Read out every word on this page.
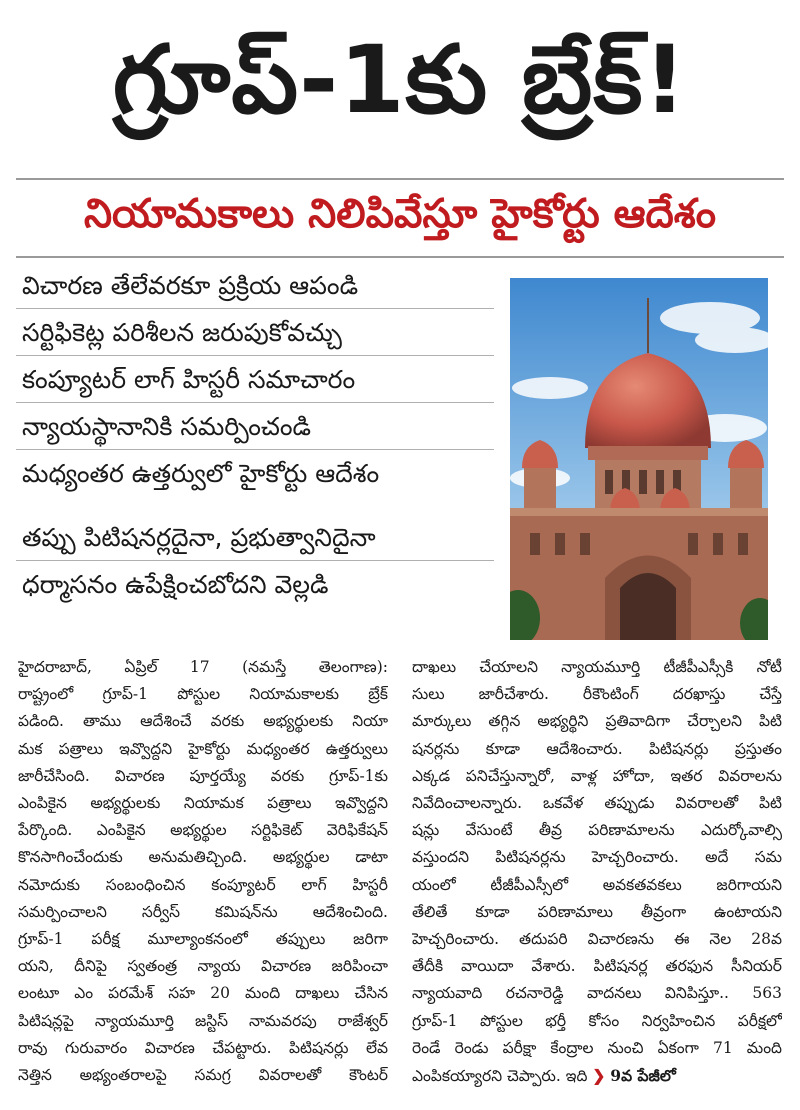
గ్రూప్‌-1కు బ్రేక్‌!
నియామకాలు నిలిపివేస్తూ హైకోర్టు ఆదేశం
విచారణ తేలేవరకూ ప్రక్రియ ఆపండి
సర్టిఫికెట్ల పరిశీలన జరుపుకోవచ్చు
కంప్యూటర్‌ లాగ్‌ హిస్టరీ సమాచారం
న్యాయస్థానానికి సమర్పించండి
మధ్యంతర ఉత్తర్వులో హైకోర్టు ఆదేశం
తప్పు పిటిషనర్లదైనా, ప్రభుత్వానిదైనా
ధర్మాసనం ఉపేక్షించబోదని వెల్లడి
హైదరాబాద్‌, ఏప్రిల్‌ 17 (నమస్తే తెలంగాణ):
రాష్ట్రంలో గ్రూప్‌-1 పోస్టుల నియామకాలకు బ్రేక్‌
పడింది. తాము ఆదేశించే వరకు అభ్యర్థులకు నియా
మక పత్రాలు ఇవ్వొద్దని హైకోర్టు మధ్యంతర ఉత్తర్వులు
జారీచేసింది. విచారణ పూర్తయ్యే వరకు గ్రూప్‌-1కు
ఎంపికైన అభ్యర్థులకు నియామక పత్రాలు ఇవ్వొద్దని
పేర్కొంది. ఎంపికైన అభ్యర్థుల సర్టిఫికెట్‌ వెరిఫికేషన్‌
కొనసాగించేందుకు అనుమతిచ్చింది. అభ్యర్థుల డాటా
నమోదుకు సంబంధించిన కంప్యూటర్‌ లాగ్‌ హిస్టరీ
సమర్పించాలని సర్వీస్‌ కమిషన్‌ను ఆదేశించింది.
గ్రూప్‌-1 పరీక్ష మూల్యాంకనంలో తప్పులు జరిగా
యని, దీనిపై స్వతంత్ర న్యాయ విచారణ జరిపించా
లంటూ ఎం పరమేశ్‌ సహ 20 మంది దాఖలు చేసిన
పిటిషన్లపై న్యాయమూర్తి జస్టిస్‌ నామవరపు రాజేశ్వర్‌
రావు గురువారం విచారణ చేపట్టారు. పిటిషనర్లు లేవ
నెత్తిన అభ్యంతరాలపై సమగ్ర వివరాలతో కౌంటర్‌
దాఖలు చేయాలని న్యాయమూర్తి టీజీపీఎస్సీకి నోటీ
సులు జారీచేశారు. రీకౌంటింగ్‌ దరఖాస్తు చేస్తే
మార్కులు తగ్గిన అభ్యర్థిని ప్రతివాదిగా చేర్చాలని పిటి
షనర్లను కూడా ఆదేశించారు. పిటిషనర్లు ప్రస్తుతం
ఎక్కడ పనిచేస్తున్నారో, వాళ్ల హోదా, ఇతర వివరాలను
నివేదించాలన్నారు. ఒకవేళ తప్పుడు వివరాలతో పిటి
షన్లు వేసుంటే తీవ్ర పరిణామాలను ఎదుర్కోవాల్సి
వస్తుందని పిటిషనర్లను హెచ్చరించారు. అదే సమ
యంలో టీజీపీఎస్సీలో అవకతవకలు జరిగాయని
తేలితే కూడా పరిణామాలు తీవ్రంగా ఉంటాయని
హెచ్చరించారు. తదుపరి విచారణను ఈ నెల 28వ
తేదీకి వాయిదా వేశారు. పిటిషనర్ల తరఫున సీనియర్‌
న్యాయవాది రచనారెడ్డి వాదనలు వినిపిస్తూ.. 563
గ్రూప్‌-1 పోస్టుల భర్తీ కోసం నిర్వహించిన పరీక్షలో
రెండే రెండు పరీక్షా కేంద్రాల నుంచి ఏకంగా 71 మంది
ఎంపికయ్యారని చెప్పారు. ఇది ❯ 9వ పేజీలో
